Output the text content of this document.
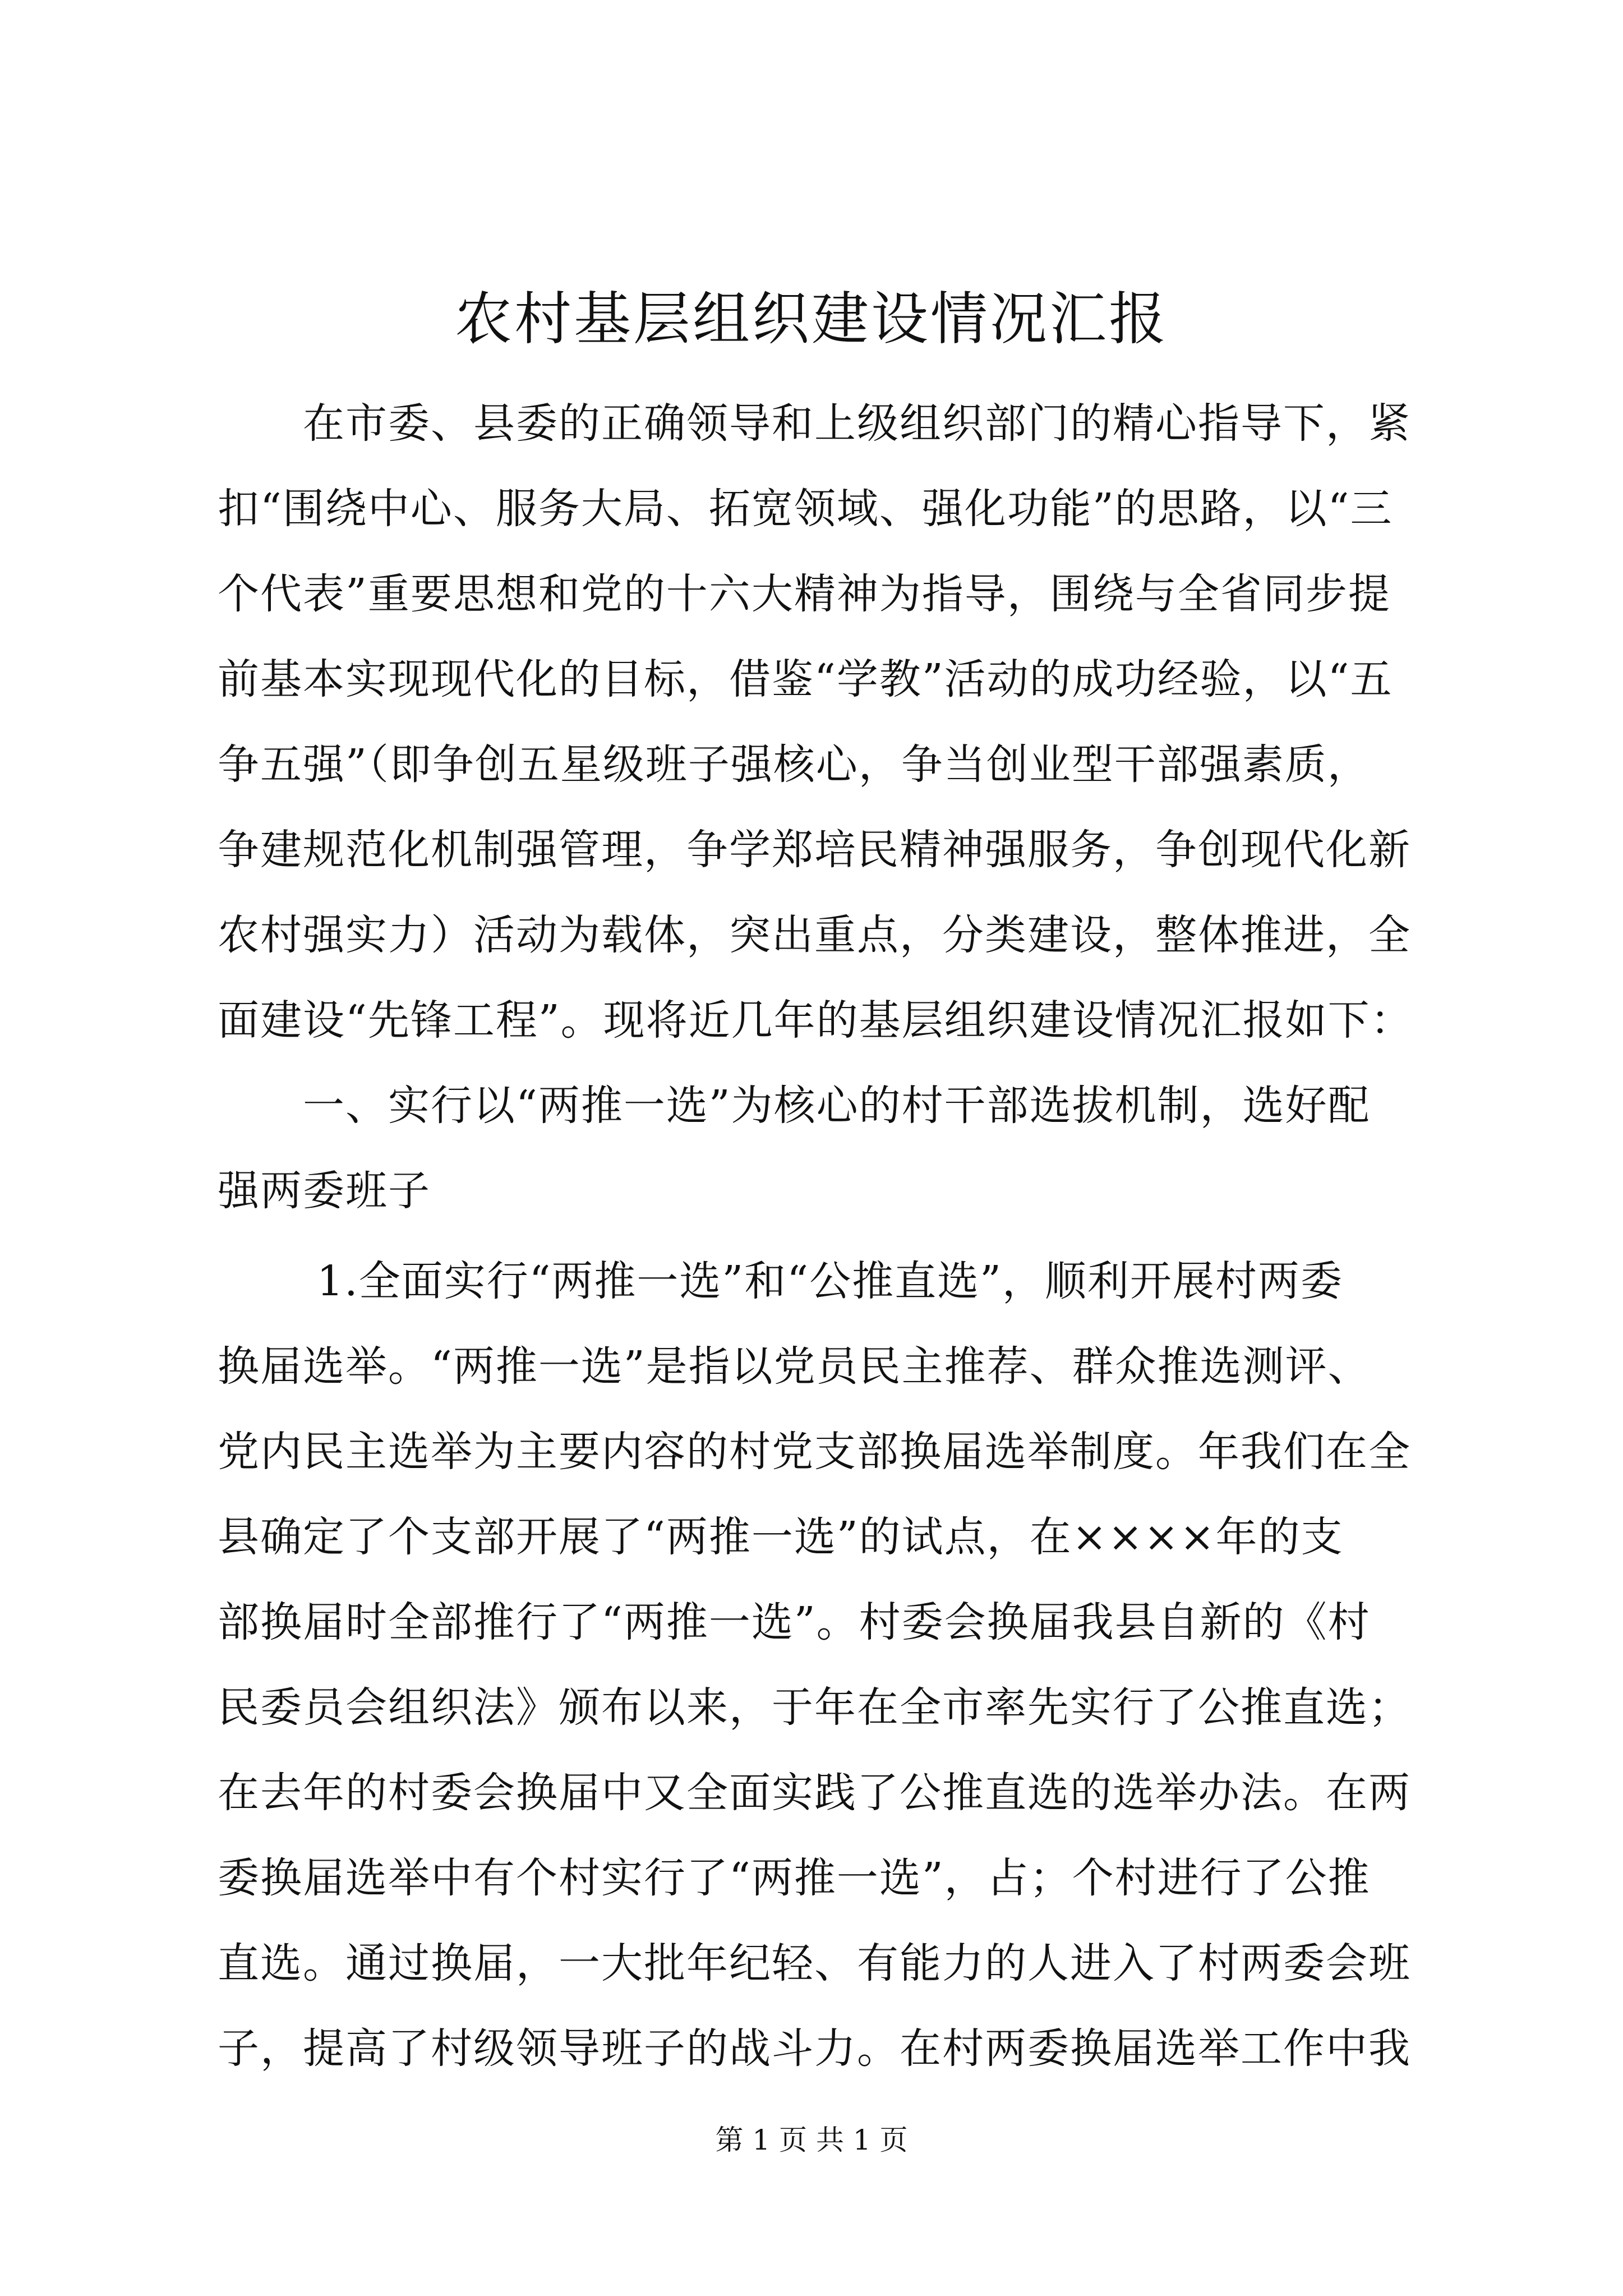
农村基层组织建设情况汇报

在市委、县委的正确领导和上级组织部门的精心指导下，紧

扣“围绕中心、服务大局、拓宽领域、强化功能”的思路，以“三

个代表”重要思想和党的十六大精神为指导，围绕与全省同步提

前基本实现现代化的目标，借鉴“学教”活动的成功经验，以“五

争五强”（即争创五星级班子强核心，争当创业型干部强素质，

争建规范化机制强管理，争学郑培民精神强服务，争创现代化新

农村强实力）活动为载体，突出重点，分类建设，整体推进，全

面建设“先锋工程”。现将近几年的基层组织建设情况汇报如下：

一、实行以“两推一选”为核心的村干部选拔机制，选好配

强两委班子

1.全面实行“两推一选”和“公推直选”，顺利开展村两委

换届选举。“两推一选”是指以党员民主推荐、群众推选测评、

党内民主选举为主要内容的村党支部换届选举制度。年我们在全

县确定了个支部开展了“两推一选”的试点，在××××年的支

部换届时全部推行了“两推一选”。村委会换届我县自新的《村

民委员会组织法》颁布以来，于年在全市率先实行了公推直选；

在去年的村委会换届中又全面实践了公推直选的选举办法。在两

委换届选举中有个村实行了“两推一选”，占；个村进行了公推

直选。通过换届，一大批年纪轻、有能力的人进入了村两委会班

子，提高了村级领导班子的战斗力。在村两委换届选举工作中我

第 1 页 共 1 页
